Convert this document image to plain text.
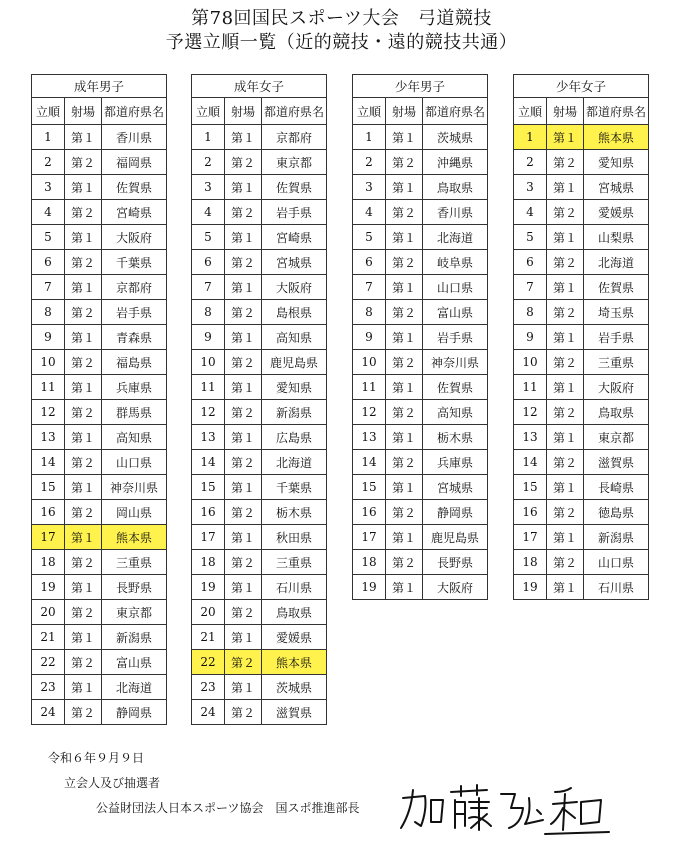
第78回国民スポーツ大会　弓道競技
予選立順一覧（近的競技・遠的競技共通）
成年男子		
立順	射場	都道府県名
1	第１	香川県
2	第２	福岡県
3	第１	佐賀県
4	第２	宮崎県
5	第１	大阪府
6	第２	千葉県
7	第１	京都府
8	第２	岩手県
9	第１	青森県
10	第２	福島県
11	第１	兵庫県
12	第２	群馬県
13	第１	高知県
14	第２	山口県
15	第１	神奈川県
16	第２	岡山県
17	第１	熊本県
18	第２	三重県
19	第１	長野県
20	第２	東京都
21	第１	新潟県
22	第２	富山県
23	第１	北海道
24	第２	静岡県
成年女子		
立順	射場	都道府県名
1	第１	京都府
2	第２	東京都
3	第１	佐賀県
4	第２	岩手県
5	第１	宮崎県
6	第２	宮城県
7	第１	大阪府
8	第２	島根県
9	第１	高知県
10	第２	鹿児島県
11	第１	愛知県
12	第２	新潟県
13	第１	広島県
14	第２	北海道
15	第１	千葉県
16	第２	栃木県
17	第１	秋田県
18	第２	三重県
19	第１	石川県
20	第２	鳥取県
21	第１	愛媛県
22	第２	熊本県
23	第１	茨城県
24	第２	滋賀県
少年男子		
立順	射場	都道府県名
1	第１	茨城県
2	第２	沖縄県
3	第１	鳥取県
4	第２	香川県
5	第１	北海道
6	第２	岐阜県
7	第１	山口県
8	第２	富山県
9	第１	岩手県
10	第２	神奈川県
11	第１	佐賀県
12	第２	高知県
13	第１	栃木県
14	第２	兵庫県
15	第１	宮城県
16	第２	静岡県
17	第１	鹿児島県
18	第２	長野県
19	第１	大阪府
少年女子		
立順	射場	都道府県名
1	第１	熊本県
2	第２	愛知県
3	第１	宮城県
4	第２	愛媛県
5	第１	山梨県
6	第２	北海道
7	第１	佐賀県
8	第２	埼玉県
9	第１	岩手県
10	第２	三重県
11	第１	大阪府
12	第２	鳥取県
13	第１	東京都
14	第２	滋賀県
15	第１	長崎県
16	第２	徳島県
17	第１	新潟県
18	第２	山口県
19	第１	石川県
令和６年９月９日
立会人及び抽選者
公益財団法人日本スポーツ協会　国スポ推進部長
